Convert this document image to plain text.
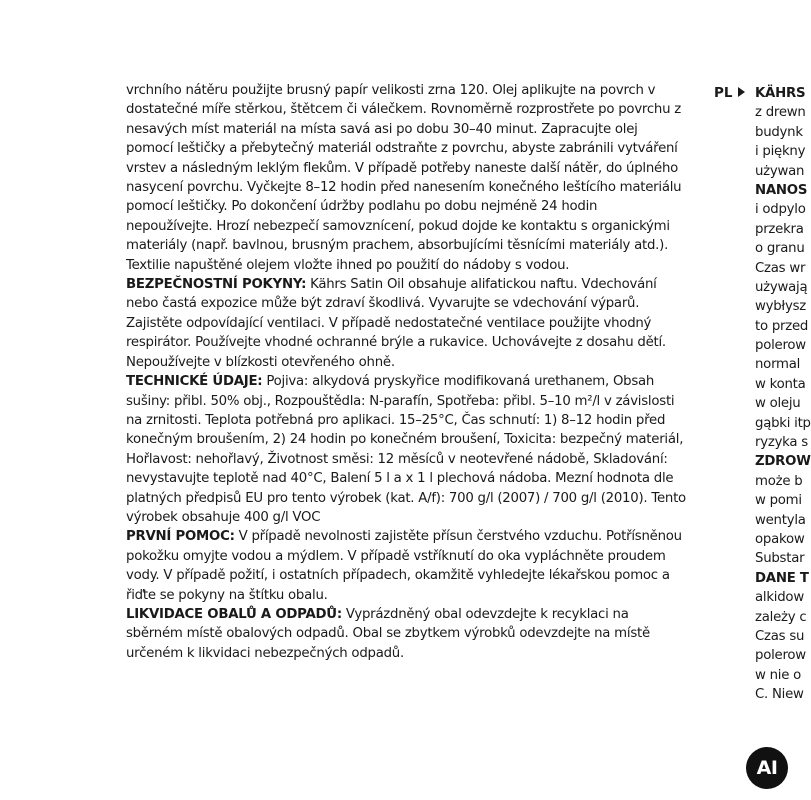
vrchního nátěru použijte brusný papír velikosti zrna 120. Olej aplikujte na povrch v dostatečné míře stěrkou, štětcem či válečkem. Rovnoměrně rozprostřete po povrchu z nesavých míst materiál na místa savá asi po dobu 30–40 minut. Zapracujte olej pomocí leštičky a přebytečný materiál odstraňte z povrchu, abyste zabránili vytváření vrstev a následným leklým flekům. V případě potřeby naneste další nátěr, do úplného nasycení povrchu. Vyčkejte 8–12 hodin před nanesením konečného leštícího materiálu pomocí leštičky. Po dokončení údržby podlahu po dobu nejméně 24 hodin nepoužívejte. Hrozí nebezpečí samovznícení, pokud dojde ke kontaktu s organickými materiály (např. bavlnou, brusným prachem, absorbujícími těsnícími materiály atd.). Textilie napuštěné olejem vložte ihned po použití do nádoby s vodou.

BEZPEČNOSTNÍ POKYNY: Kährs Satin Oil obsahuje alifatickou naftu. Vdechování nebo častá expozice může být zdraví škodlivá. Vyvarujte se vdechování výparů. Zajistěte odpovídající ventilaci. V případě nedostatečné ventilace použijte vhodný respirátor. Používejte vhodné ochranné brýle a rukavice. Uchovávejte z dosahu dětí. Nepoužívejte v blízkosti otevřeného ohně.

TECHNICKÉ ÚDAJE: Pojiva: alkydová pryskyřice modifikovaná urethanem, Obsah sušiny: přibl. 50% obj., Rozpouštědla: N-parafín, Spotřeba: přibl. 5–10 m²/l v závislosti na zrnitosti. Teplota potřebná pro aplikaci. 15–25°C, Čas schnutí: 1) 8–12 hodin před konečným broušením, 2) 24 hodin po konečném broušení, Toxicita: bezpečný materiál, Hořlavost: nehořlavý, Životnost směsi: 12 měsíců v neotevřené nádobě, Skladování: nevystavujte teplotě nad 40°C, Balení 5 l a x 1 l plechová nádoba. Mezní hodnota dle platných předpisů EU pro tento výrobek (kat. A/f): 700 g/l (2007) / 700 g/l (2010). Tento výrobek obsahuje 400 g/l VOC

PRVNÍ POMOC: V případě nevolnosti zajistěte přísun čerstvého vzduchu. Potřísněnou pokožku omyjte vodou a mýdlem. V případě vstříknutí do oka vypláchněte proudem vody. V případě požití, i ostatních případech, okamžitě vyhledejte lékařskou pomoc a řiďte se pokyny na štítku obalu.

LIKVIDACE OBALŮ A ODPADŮ: Vyprázdněný obal odevzdejte k recyklaci na sběrném místě obalových odpadů. Obal se zbytkem výrobků odevzdejte na místě určeném k likvidaci nebezpečných odpadů.

PL	KÄHRS
z drewn
budynk
i piękny
używan
NANOS
i odpylo
przekra
o granu
Czas wr
używają
wybłysz
to przed
polerow
normal
w konta
w oleju
gąbki itp
ryzyka s
ZDROW
może b
w pomi
wentyla
opakow
Substar
DANE T
alkidow
zależy c
Czas su
polerow
w nie o
C. Niew
AI
